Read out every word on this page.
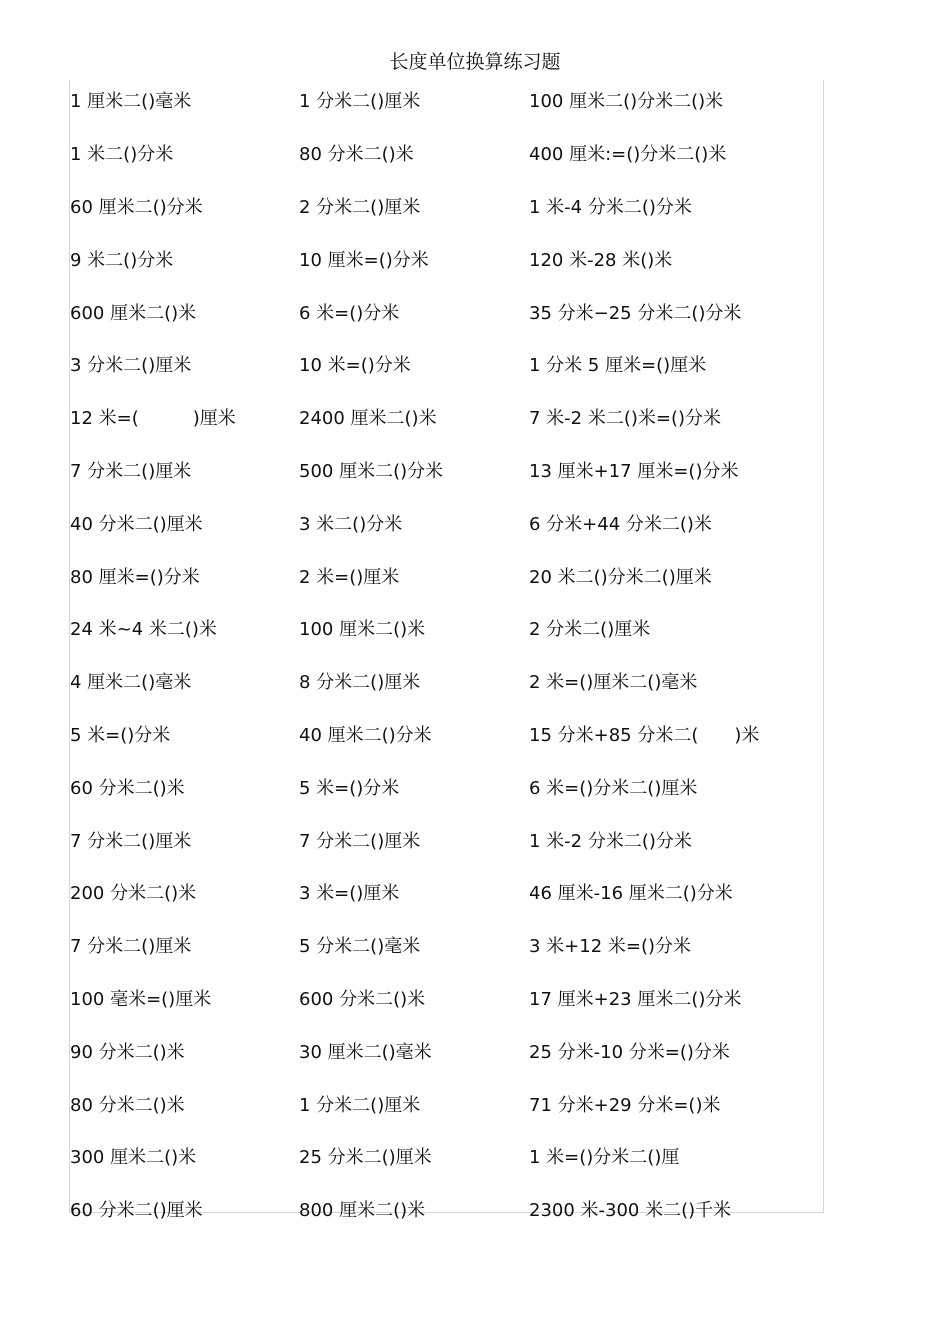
长度单位换算练习题
1 厘米二()毫米	1 分米二()厘米	100 厘米二()分米二()米
1 米二()分米	80 分米二()米	400 厘米:=()分米二()米
60 厘米二()分米	2 分米二()厘米	1 米-4 分米二()分米
9 米二()分米	10 厘米=()分米	120 米-28 米()米
600 厘米二()米	6 米=()分米	35 分米−25 分米二()分米
3 分米二()厘米	10 米=()分米	1 分米 5 厘米=()厘米
12 米=(　　　)厘米	2400 厘米二()米	7 米-2 米二()米=()分米
7 分米二()厘米	500 厘米二()分米	13 厘米+17 厘米=()分米
40 分米二()厘米	3 米二()分米	6 分米+44 分米二()米
80 厘米=()分米	2 米=()厘米	20 米二()分米二()厘米
24 米~4 米二()米	100 厘米二()米	2 分米二()厘米
4 厘米二()毫米	8 分米二()厘米	2 米=()厘米二()毫米
5 米=()分米	40 厘米二()分米	15 分米+85 分米二(　　)米
60 分米二()米	5 米=()分米	6 米=()分米二()厘米
7 分米二()厘米	7 分米二()厘米	1 米-2 分米二()分米
200 分米二()米	3 米=()厘米	46 厘米-16 厘米二()分米
7 分米二()厘米	5 分米二()毫米	3 米+12 米=()分米
100 毫米=()厘米	600 分米二()米	17 厘米+23 厘米二()分米
90 分米二()米	30 厘米二()毫米	25 分米-10 分米=()分米
80 分米二()米	1 分米二()厘米	71 分米+29 分米=()米
300 厘米二()米	25 分米二()厘米	1 米=()分米二()厘
60 分米二()厘米	800 厘米二()米	2300 米-300 米二()千米
